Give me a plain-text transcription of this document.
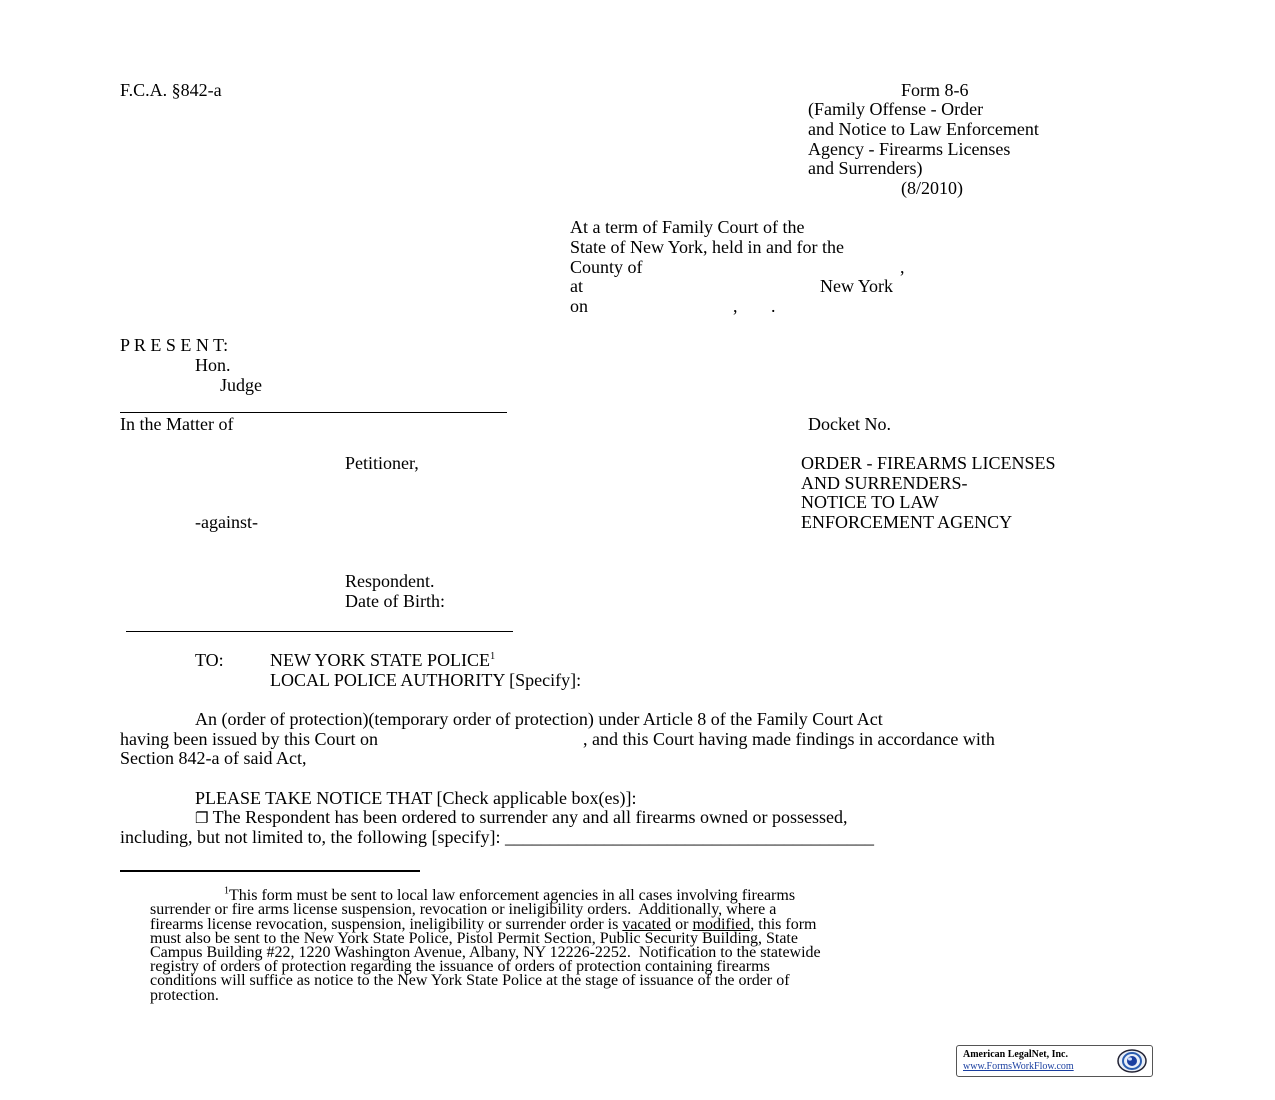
F.C.A. §842-a	Form 8-6
(Family Offense - Order
and Notice to Law Enforcement
Agency - Firearms Licenses
and Surrenders)
(8/2010)
At a term of Family Court of the
State of New York, held in and for the
County of	,
at	New York
on	, .
P R E S E N T:
Hon.
Judge
In the Matter of	Docket No.
Petitioner,	ORDER - FIREARMS LICENSES
AND SURRENDERS-
NOTICE TO LAW
ENFORCEMENT AGENCY
-against-
Respondent.
Date of Birth:
TO:	NEW YORK STATE POLICE$^1$
LOCAL POLICE AUTHORITY [Specify]:
An (order of protection)(temporary order of protection) under Article 8 of the Family Court Act
having been issued by this Court on	, and this Court having made findings in accordance with
Section 842-a of said Act,
PLEASE TAKE NOTICE THAT [Check applicable box(es)]:
❐ The Respondent has been ordered to surrender any and all firearms owned or possessed,
including, but not limited to, the following [specify]: _________________________________________
$^1$This form must be sent to local law enforcement agencies in all cases involving firearms
surrender or fire arms license suspension, revocation or ineligibility orders.  Additionally, where a
firearms license revocation, suspension, ineligibility or surrender order is vacated or modified, this form
must also be sent to the New York State Police, Pistol Permit Section, Public Security Building, State
Campus Building #22, 1220 Washington Avenue, Albany, NY 12226-2252.  Notification to the statewide
registry of orders of protection regarding the issuance of orders of protection containing firearms
conditions will suffice as notice to the New York State Police at the stage of issuance of the order of
protection.
American LegalNet, Inc.
www.FormsWorkFlow.com
